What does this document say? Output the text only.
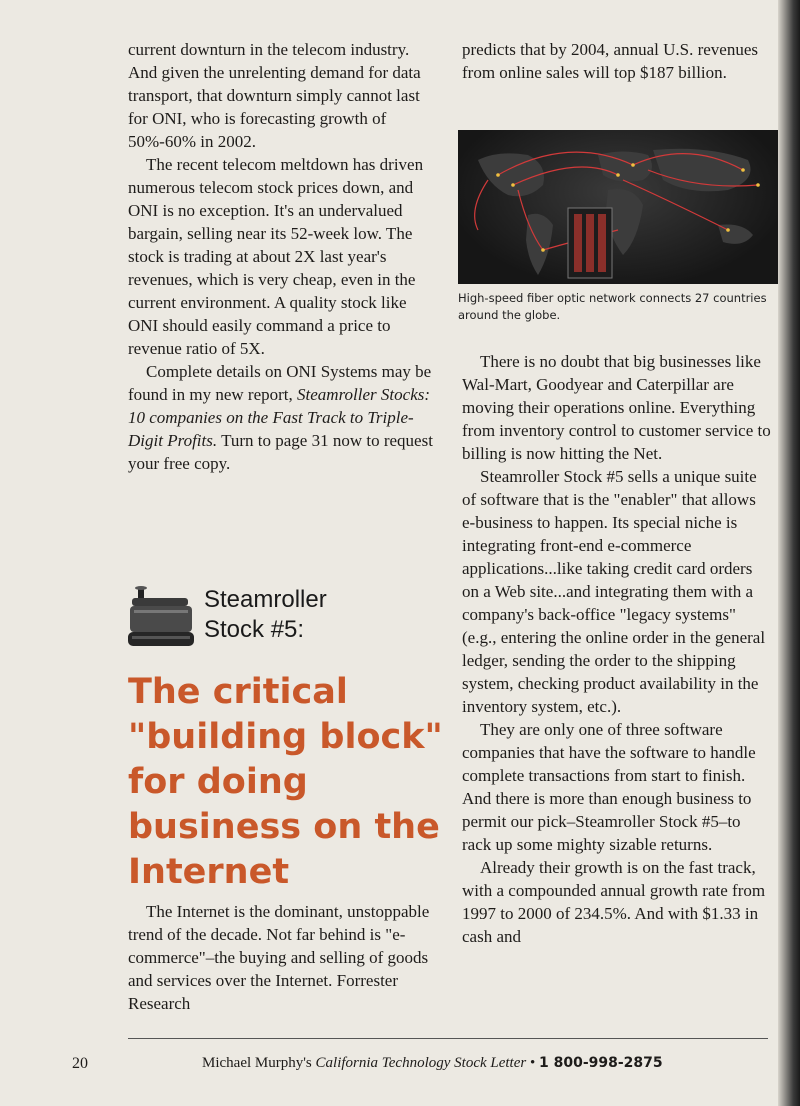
current downturn in the telecom industry. And given the unrelenting demand for data transport, that downturn simply cannot last for ONI, who is forecasting growth of 50%-60% in 2002.

The recent telecom meltdown has driven numerous telecom stock prices down, and ONI is no exception. It's an undervalued bargain, selling near its 52-week low. The stock is trading at about 2X last year's revenues, which is very cheap, even in the current environment. A quality stock like ONI should easily command a price to revenue ratio of 5X.

Complete details on ONI Systems may be found in my new report, Steamroller Stocks: 10 companies on the Fast Track to Triple-Digit Profits. Turn to page 31 now to request your free copy.

Steamroller
Stock #5:
The critical "building block" for doing business on the Internet

The Internet is the dominant, unstoppable trend of the decade. Not far behind is "e-commerce"–the buying and selling of goods and services over the Internet. Forrester Research

predicts that by 2004, annual U.S. revenues from online sales will top $187 billion.

High-speed fiber optic network connects 27 countries around the globe.

There is no doubt that big businesses like Wal-Mart, Goodyear and Caterpillar are moving their operations online. Everything from inventory control to customer service to billing is now hitting the Net.

Steamroller Stock #5 sells a unique suite of software that is the "enabler" that allows e-business to happen. Its special niche is integrating front-end e-commerce applications...like taking credit card orders on a Web site...and integrating them with a company's back-office "legacy systems" (e.g., entering the online order in the general ledger, sending the order to the shipping system, checking product availability in the inventory system, etc.).

They are only one of three software companies that have the software to handle complete transactions from start to finish. And there is more than enough business to permit our pick–Steamroller Stock #5–to rack up some mighty sizable returns.

Already their growth is on the fast track, with a compounded annual growth rate from 1997 to 2000 of 234.5%. And with $1.33 in cash and

20	Michael Murphy's California Technology Stock Letter • 1 800-998-2875
